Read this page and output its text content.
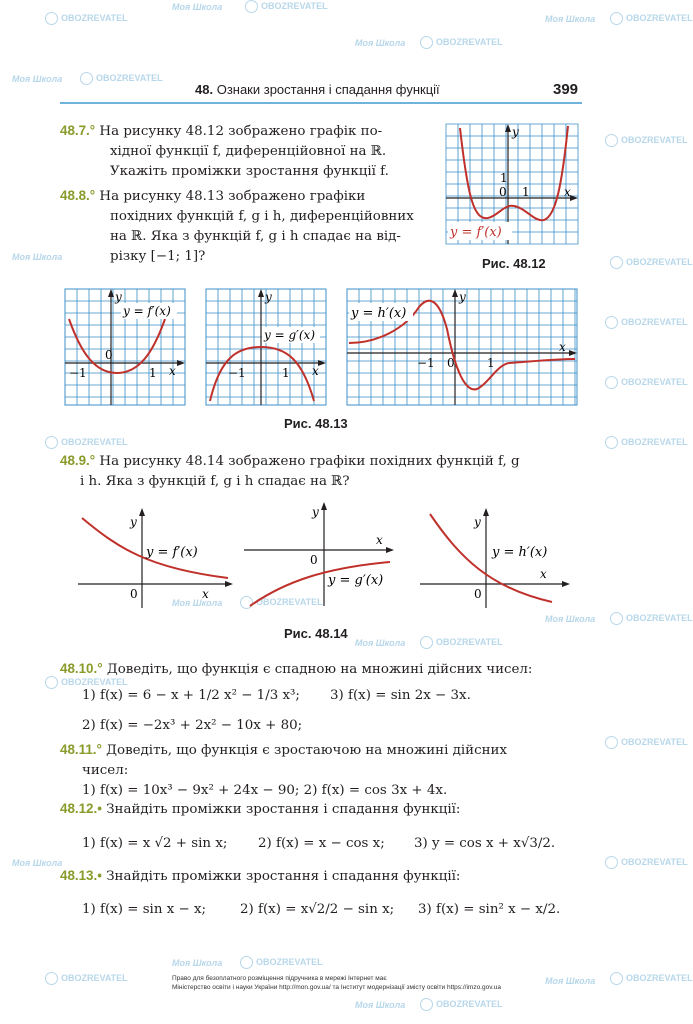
Моя Школа	OBOZREVATEL
Моя Школа	OBOZREVATEL
OBOZREVATEL
Моя Школа	OBOZREVATEL
Моя Школа	OBOZREVATEL
OBOZREVATEL
Моя Школа	OBOZREVATEL
OBOZREVATEL
OBOZREVATEL
OBOZREVATEL	OBOZREVATEL
Моя Школа	OBOZREVATEL
Моя Школа	OBOZREVATEL
Моя Школа	OBOZREVATEL
OBOZREVATEL
OBOZREVATEL
Моя Школа	OBOZREVATEL
Моя Школа	OBOZREVATEL
Моя Школа	OBOZREVATEL
OBOZREVATEL
Моя Школа	OBOZREVATEL
48. Ознаки зростання і спадання функції	399
48.7.° На рисунку 48.12 зображено графік по-
хідної функції f, диференційовної на ℝ.
Укажіть проміжки зростання функції f.
48.8.° На рисунку 48.13 зображено графіки
похідних функцій f, g і h, диференційовних
на ℝ. Яка з функцій f, g і h спадає на від-
різку [−1; 1]?
y = f′(x)
y
x
1
0 1
Рис. 48.12
y = f′(x)
y
x
0
−1	1
y = g′(x)
y
x
−1	1
y = h′(x)
y
x
0
−1	1
Рис. 48.13
48.9.° На рисунку 48.14 зображено графіки похідних функцій f, g
і h. Яка з функцій f, g і h спадає на ℝ?
y = f′(x)
y
x
0
y = g′(x)
y
x
0	y = h′(x)
y
x
0
Рис. 48.14
48.10.° Доведіть, що функція є спадною на множині дійсних чисел:
1) f(x) = 6 − x + 1/2 x² − 1/3 x³; 3) f(x) = sin 2x − 3x.
2) f(x) = −2x³ + 2x² − 10x + 80;
48.11.° Доведіть, що функція є зростаючою на множині дійсних
чисел:
1) f(x) = 10x³ − 9x² + 24x − 90; 2) f(x) = cos 3x + 4x.
48.12.• Знайдіть проміжки зростання і спадання функції:
1) f(x) = x √2 + sin x; 2) f(x) = x − cos x; 3) y = cos x + x√3/2.
48.13.• Знайдіть проміжки зростання і спадання функції:
1) f(x) = sin x − x;	2) f(x) = x√2/2 − sin x; 3) f(x) = sin² x − x/2.
Право для безоплатного розміщення підручника в мережі Інтернет має
Міністерство освіти і науки України http://mon.gov.ua/ та Інститут модернізації змісту освіти https://imzo.gov.ua
